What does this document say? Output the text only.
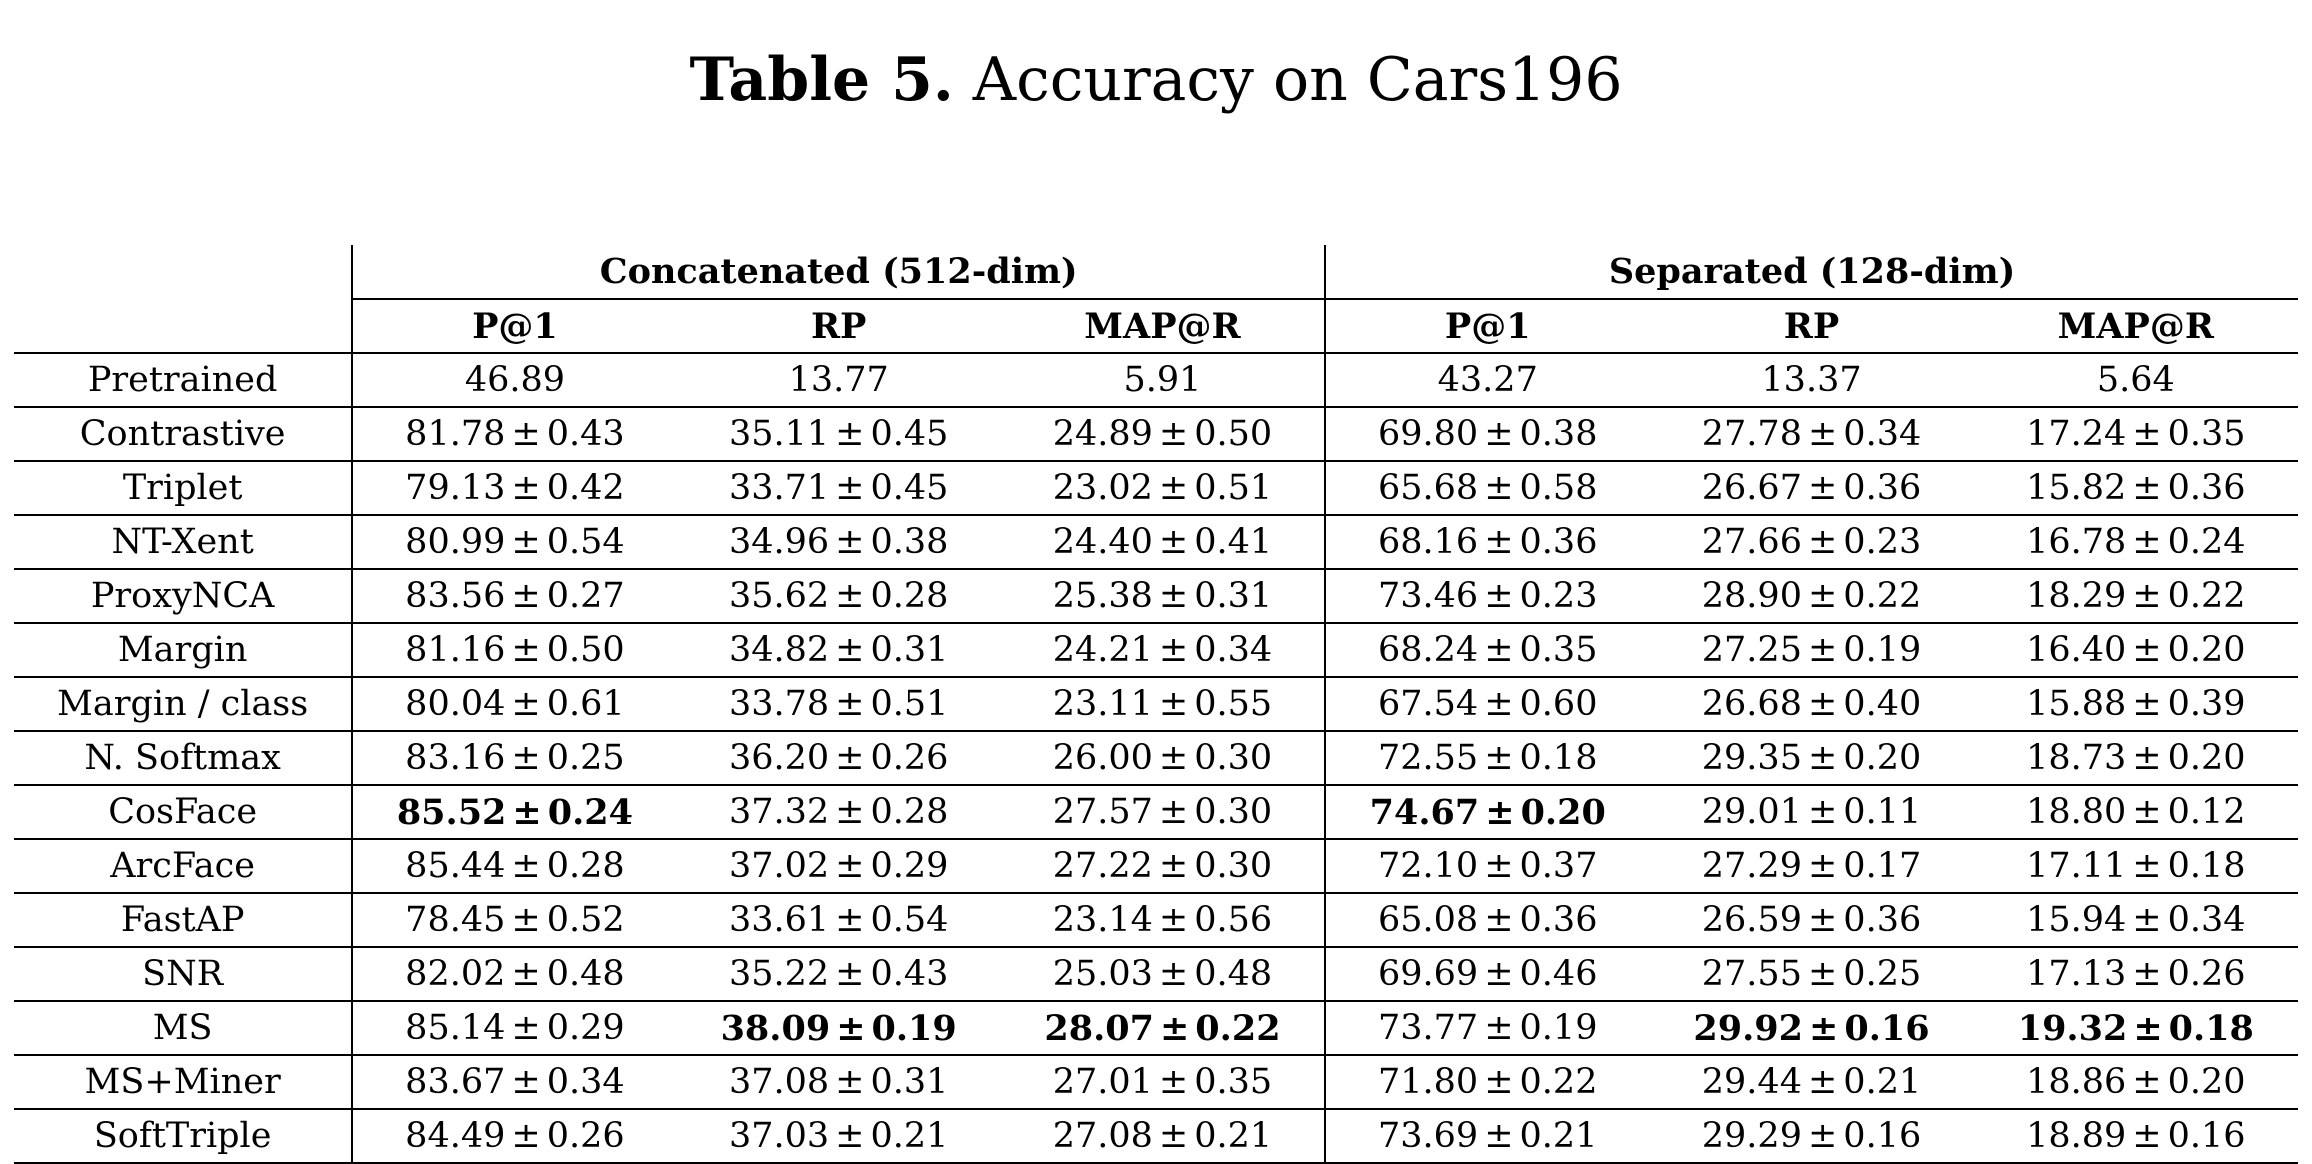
Table 5. Accuracy on Cars196
	Concatenated (512-dim)			Separated (128-dim)		
	P@1	RP	MAP@R	P@1	RP	MAP@R
Pretrained	46.89	13.77	5.91	43.27	13.37	5.64
Contrastive	81.78 ± 0.43	35.11 ± 0.45	24.89 ± 0.50	69.80 ± 0.38	27.78 ± 0.34	17.24 ± 0.35
Triplet	79.13 ± 0.42	33.71 ± 0.45	23.02 ± 0.51	65.68 ± 0.58	26.67 ± 0.36	15.82 ± 0.36
NT-Xent	80.99 ± 0.54	34.96 ± 0.38	24.40 ± 0.41	68.16 ± 0.36	27.66 ± 0.23	16.78 ± 0.24
ProxyNCA	83.56 ± 0.27	35.62 ± 0.28	25.38 ± 0.31	73.46 ± 0.23	28.90 ± 0.22	18.29 ± 0.22
Margin	81.16 ± 0.50	34.82 ± 0.31	24.21 ± 0.34	68.24 ± 0.35	27.25 ± 0.19	16.40 ± 0.20
Margin / class	80.04 ± 0.61	33.78 ± 0.51	23.11 ± 0.55	67.54 ± 0.60	26.68 ± 0.40	15.88 ± 0.39
N. Softmax	83.16 ± 0.25	36.20 ± 0.26	26.00 ± 0.30	72.55 ± 0.18	29.35 ± 0.20	18.73 ± 0.20
CosFace	85.52 ± 0.24	37.32 ± 0.28	27.57 ± 0.30	74.67 ± 0.20	29.01 ± 0.11	18.80 ± 0.12
ArcFace	85.44 ± 0.28	37.02 ± 0.29	27.22 ± 0.30	72.10 ± 0.37	27.29 ± 0.17	17.11 ± 0.18
FastAP	78.45 ± 0.52	33.61 ± 0.54	23.14 ± 0.56	65.08 ± 0.36	26.59 ± 0.36	15.94 ± 0.34
SNR	82.02 ± 0.48	35.22 ± 0.43	25.03 ± 0.48	69.69 ± 0.46	27.55 ± 0.25	17.13 ± 0.26
MS	85.14 ± 0.29	38.09 ± 0.19	28.07 ± 0.22	73.77 ± 0.19	29.92 ± 0.16	19.32 ± 0.18
MS+Miner	83.67 ± 0.34	37.08 ± 0.31	27.01 ± 0.35	71.80 ± 0.22	29.44 ± 0.21	18.86 ± 0.20
SoftTriple	84.49 ± 0.26	37.03 ± 0.21	27.08 ± 0.21	73.69 ± 0.21	29.29 ± 0.16	18.89 ± 0.16
